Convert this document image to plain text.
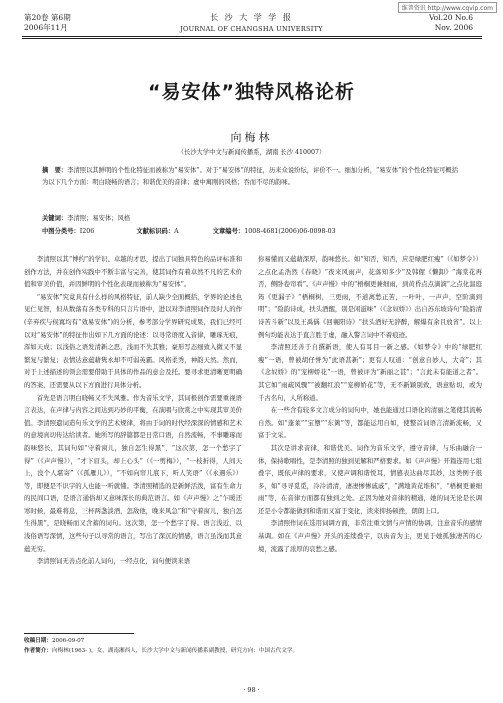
维普资讯 http://www.cqvip.com
第20卷 第6期
2006年11月
长 沙 大 学 学 报
JOURNAL OF CHANGSHA UNIVERSITY
Vol.20 No.6
Nov. 2006
“易安体”独特风格论析
向梅林
（长沙大学中文与新闻传播系，湖南 长沙 410007）
摘　要：李清照以其鲜明的个性化特征而被称为“易安体”。对于“易安体”的特征，历来众说纷纭，评价不一。细加分析，“易安体”的个性化特征可概括为以下几个方面：明白晓畅的语言；和谐优美的音律；虚中寓刚的风格；吞而不尽的韵味。
关键词：李清照；易安体；风格
中图分类号：I206	文献标识码：A	文章编号：1008-4681(2006)06-0098-03

李清照以其“博约”的学识、卓越的才思，提出了词独具特色的品评标准和创作方法，并在创作实践中不断丰富与完善，使其词作有着卓然不凡的艺术价值和审美价值，并因鲜明的个性化表现而被称为“易安体”。

“易安体”究竟具有什么样的风格特征，前人缺少全面概括，学界的论述也见仁见智，但从数落有各类专科的只言片语中，进以对李清照词作及时人的作(辛弃疾与侯寘均有“效易安体”)的分析，参考部分学界研究成果，我们已经可以对“易安体”的特征作出如下几方面的论述：以寻常语度入音律，雕琢无痕，浑如天成；以浅俗之语发清新之思，浅而不失其雅；豪形写态细致入微又不显繁复与繁复；表情达意蕴藉隽永却不可弱英霸。风格柔秀，神韵天然。然而，对于上述描述的领会需要借助于具体的作品的意会及托。要寻求更清晰更明确的答案，还需要从以下方面进行具体分析。

首先是语言明白晓畅又不失风雅。作为音乐文学，其词极创作需要重视语言表达，在声律与内容之间达到巧妙的平衡，在演唱与欣赏之中实现其审美价值。李清照遣词造句乐文学的艺术规律，将由于词的时代经深深的情感和艺术的意境真切传达给读者。她所写的辞篇都是日常口语，自然流畅，不事雕琢而韵味悠长，其词句如“守着窗儿，独自怎生得黑”，“这次第，怎一个愁字了得”（《声声慢》），“才下眉头，却上心头”（《一剪梅》），“一枝折得，人间天上，没个人堪寄”（《孤雁儿》），“不如向帘儿底下，听人笑语”（《永遇乐》）等，即便是不识字的人也能一听就懂。李清照精选的是新鲜活泼，富有生命力的民间口语，是语言通俗却又意味深长的典范语言。如《声声慢》之“乍暖还寒时候，最难将息，三杯两盏淡酒，怎敌他，晚来风急”和“守着窗儿，独自怎生得黑”，是晓畅而又含蓄的词句。这次第，怎一个愁字了得。语言浅近，以浅俗语写深情，这些句子以寻常的语言，写出了深沉的情感，语言虽浅而其意蕴无穷。

李清照词无善点化前人词句，一经点化，词句便读来语

你易懂而又蕴藉深厚，韵味悠长。如“知否，知否，应是绿肥红瘦”（《如梦令》）之点化孟浩然《春晓》“夜来风雨声，花落知多少”及韩偓《懒卸》“海棠花再否，侧卧卷帘看”。《声声慢》中的“梧桐更兼细雨，到黄昏点点滴滴”之点化温庭筠《更漏子》“梧桐树，三更雨，不道离愁正苦，一叶叶，一声声，空阶滴到明”；“险韵诗成，扶头酒醒，别是闲滋味”（《念奴娇》）出自苏东坡诗句“险韵清诗苦斗新”以及王禹偁《回襄阳诗》“扶头酒好无辞醉，解爆有余且放省”。以上例句均能表达于直言胜于虚，融入警言词中不着痕迹。

李清照还善于自撰新语，使人有耳目一新之感。《如梦令》中的“绿肥红瘦”一语，曾被胡仔誉为“此语甚新”；更有人叹道：“创意自妙人，大奇”；其《念奴娇》的“宠柳娇花”一语，曾被评为“新丽之甚”；“言此未有能道之者”。其它如“雨疏风骤”“被翻红浪”“宠柳娇花”等，无不新颖别致，语意贴切，或为千古名句，人所称道。

在一些含有较多文言成分的词句中，她也能通过口语化的清丽之笔使其流畅自然。如“蓬莱”“宝簟”“东篱”等，都能运用自如，使整首词语言清新流畅，又富于文采。

其次是讲求音律，和谐优美。词作为音乐文学，遵守音律，与乐曲融合一体，保持歌唱性，是李清照的独到见解和严格要求。如《声声慢》开篇连用七组叠字，既依声律的要求，又使声调和谐悦耳，情感表达曲尽其妙，这类例子很多，如“寻寻觅觅，冷冷清清，凄凄惨惨戚戚”，“满地黄花堆积”，“梧桐更兼细雨”等，在音律方面都有独到之处。正因为她对音律的精通，她的词无论是长调还是小令都能做到和谐而又富于变化，读来抑扬顿挫，朗朗上口。

李清照作词在选用词调方面，非常注重文情与声情的协调，注意音乐的感情基调。如在《声声慢》开头的连续叠字，以齿音为主，更见于她孤独凄苦的心境，流露了浓厚的哀愁之感。

收稿日期：2006-09-07
作者简介：向梅林(1963- )，女，湖南湘西人，长沙大学中文与新闻传播系副教授，研究方向：中国古代文学。
· 98 ·
